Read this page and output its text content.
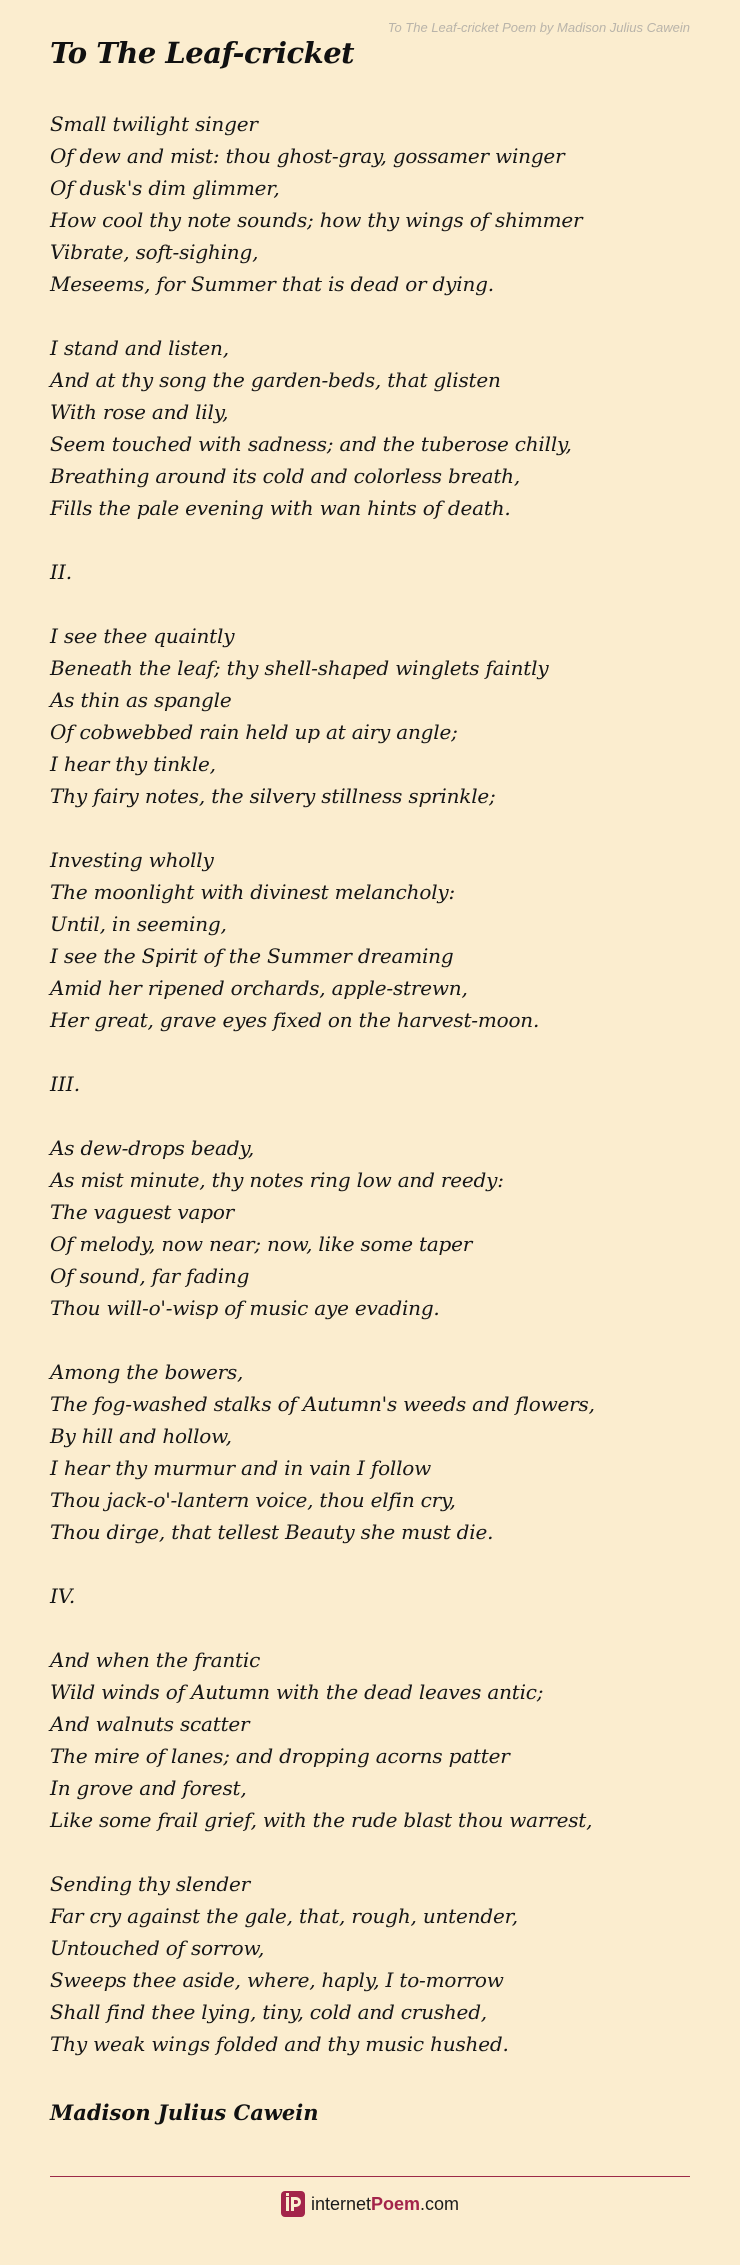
To The Leaf-cricket Poem by Madison Julius Cawein
To The Leaf-cricket
Small twilight singer
Of dew and mist: thou ghost-gray, gossamer winger
Of dusk's dim glimmer,
How cool thy note sounds; how thy wings of shimmer
Vibrate, soft-sighing,
Meseems, for Summer that is dead or dying.
I stand and listen,
And at thy song the garden-beds, that glisten
With rose and lily,
Seem touched with sadness; and the tuberose chilly,
Breathing around its cold and colorless breath,
Fills the pale evening with wan hints of death.
II.
I see thee quaintly
Beneath the leaf; thy shell-shaped winglets faintly
As thin as spangle
Of cobwebbed rain held up at airy angle;
I hear thy tinkle,
Thy fairy notes, the silvery stillness sprinkle;
Investing wholly
The moonlight with divinest melancholy:
Until, in seeming,
I see the Spirit of the Summer dreaming
Amid her ripened orchards, apple-strewn,
Her great, grave eyes fixed on the harvest-moon.
III.
As dew-drops beady,
As mist minute, thy notes ring low and reedy:
The vaguest vapor
Of melody, now near; now, like some taper
Of sound, far fading
Thou will-o'-wisp of music aye evading.
Among the bowers,
The fog-washed stalks of Autumn's weeds and flowers,
By hill and hollow,
I hear thy murmur and in vain I follow
Thou jack-o'-lantern voice, thou elfin cry,
Thou dirge, that tellest Beauty she must die.
IV.
And when the frantic
Wild winds of Autumn with the dead leaves antic;
And walnuts scatter
The mire of lanes; and dropping acorns patter
In grove and forest,
Like some frail grief, with the rude blast thou warrest,
Sending thy slender
Far cry against the gale, that, rough, untender,
Untouched of sorrow,
Sweeps thee aside, where, haply, I to-morrow
Shall find thee lying, tiny, cold and crushed,
Thy weak wings folded and thy music hushed.
Madison Julius Cawein
internetPoem.com
